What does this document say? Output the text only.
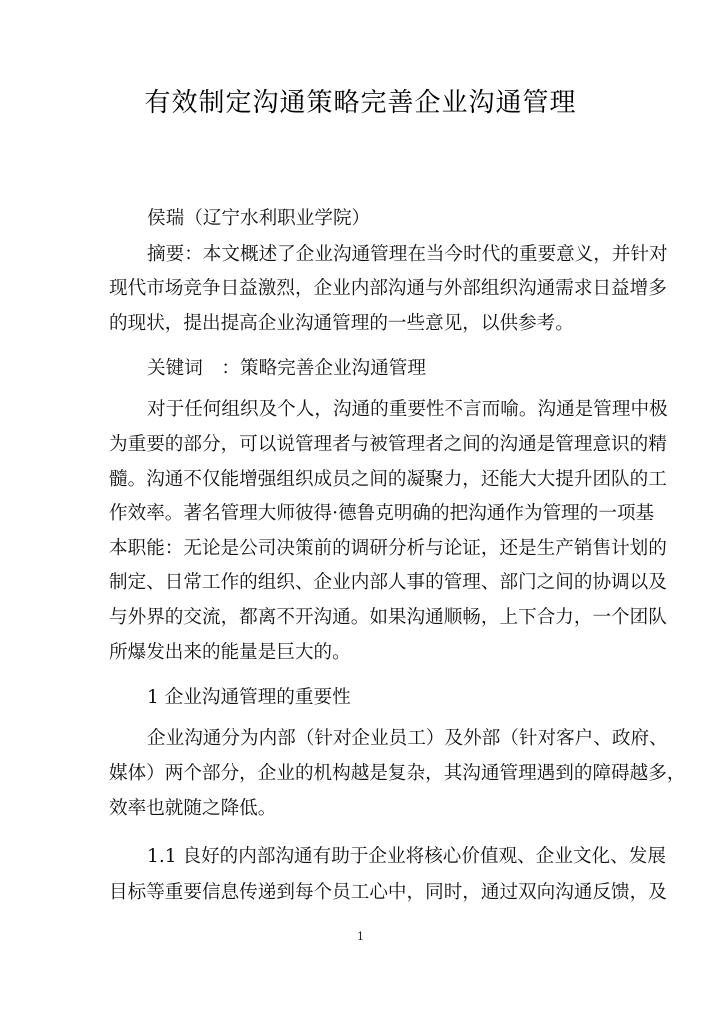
有效制定沟通策略完善企业沟通管理
侯瑞（辽宁水利职业学院）
摘要：本文概述了企业沟通管理在当今时代的重要意义，并针对
现代市场竞争日益激烈，企业内部沟通与外部组织沟通需求日益增多
的现状，提出提高企业沟通管理的一些意见，以供参考。
关键词　：策略完善企业沟通管理
对于任何组织及个人，沟通的重要性不言而喻。沟通是管理中极
为重要的部分，可以说管理者与被管理者之间的沟通是管理意识的精
髓。沟通不仅能增强组织成员之间的凝聚力，还能大大提升团队的工
作效率。著名管理大师彼得·德鲁克明确的把沟通作为管理的一项基
本职能：无论是公司决策前的调研分析与论证，还是生产销售计划的
制定、日常工作的组织、企业内部人事的管理、部门之间的协调以及
与外界的交流，都离不开沟通。如果沟通顺畅，上下合力，一个团队
所爆发出来的能量是巨大的。
1 企业沟通管理的重要性
企业沟通分为内部（针对企业员工）及外部（针对客户、政府、
媒体）两个部分，企业的机构越是复杂，其沟通管理遇到的障碍越多，
效率也就随之降低。
1.1 良好的内部沟通有助于企业将核心价值观、企业文化、发展
目标等重要信息传递到每个员工心中，同时，通过双向沟通反馈，及
1
